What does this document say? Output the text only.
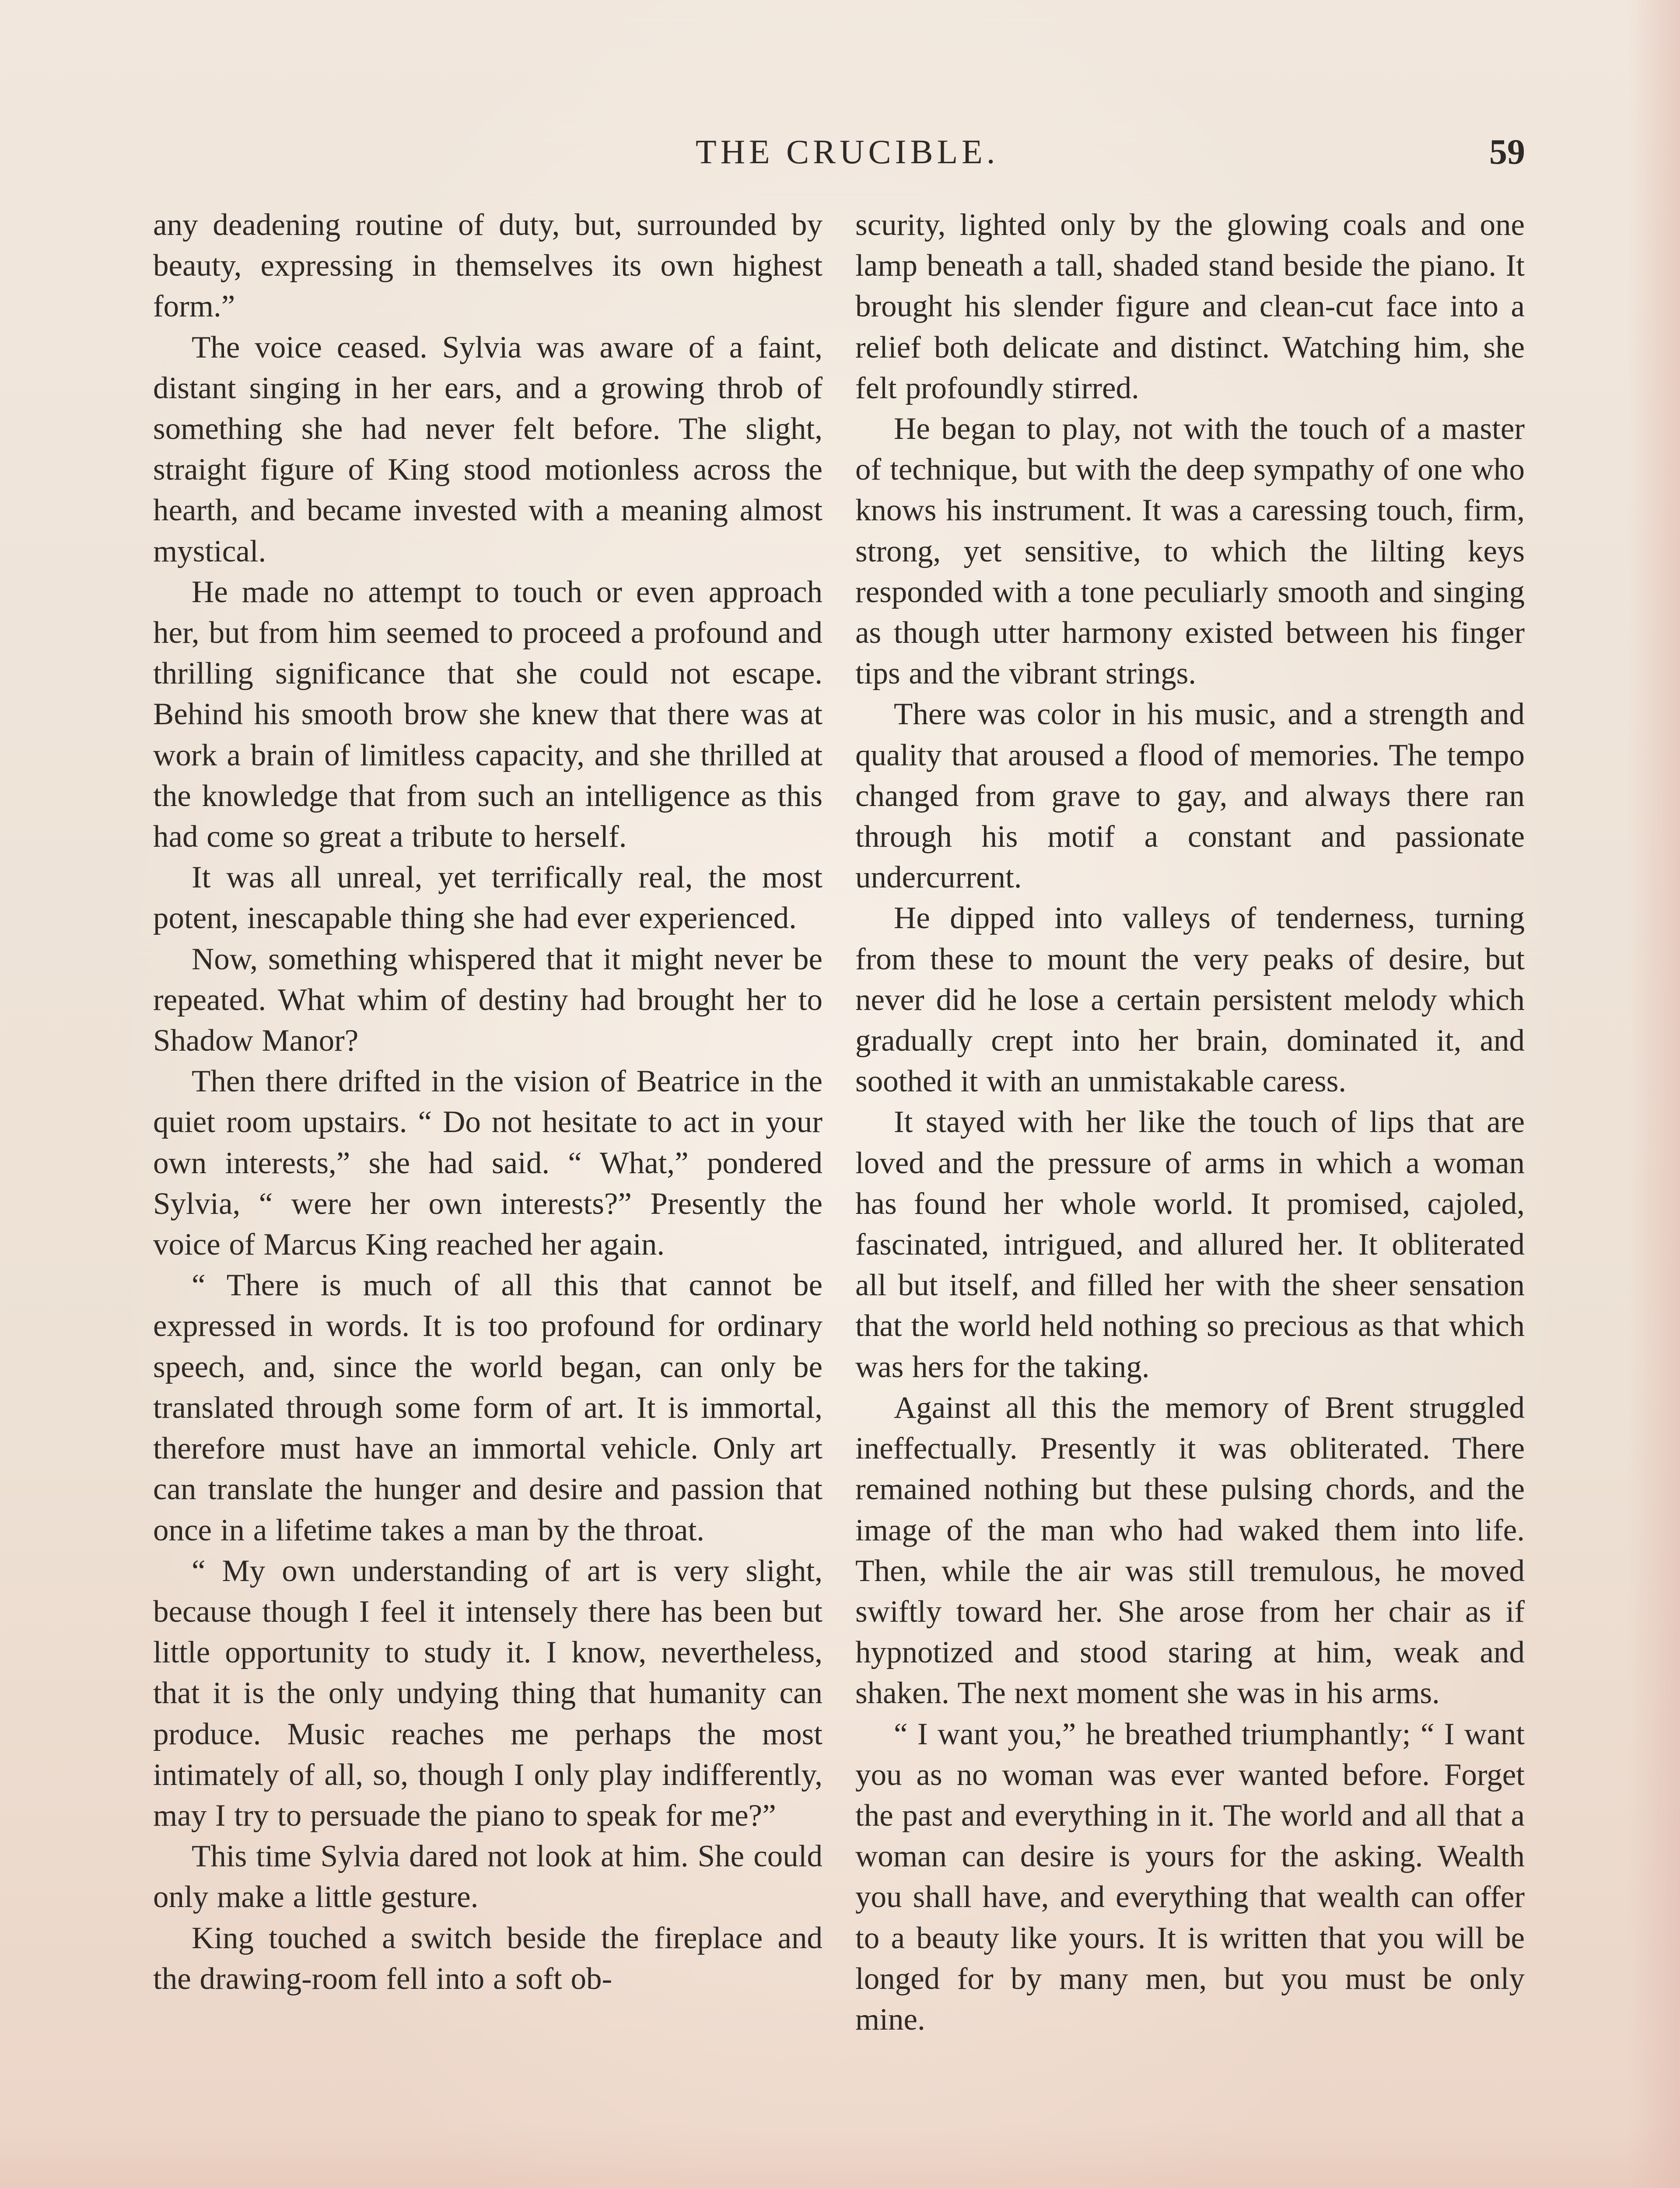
THE CRUCIBLE.	59

any deadening routine of duty, but, surrounded by beauty, expressing in themselves its own highest form.”

The voice ceased. Sylvia was aware of a faint, distant singing in her ears, and a growing throb of something she had never felt before. The slight, straight figure of King stood motionless across the hearth, and became invested with a meaning almost mystical.

He made no attempt to touch or even approach her, but from him seemed to proceed a profound and thrilling significance that she could not escape. Behind his smooth brow she knew that there was at work a brain of limitless capacity, and she thrilled at the knowledge that from such an intelligence as this had come so great a tribute to herself.

It was all unreal, yet terrifically real, the most potent, inescapable thing she had ever experienced.

Now, something whispered that it might never be repeated. What whim of destiny had brought her to Shadow Manor?

Then there drifted in the vision of Beatrice in the quiet room upstairs. “ Do not hesitate to act in your own interests,” she had said. “ What,” pondered Sylvia, “ were her own interests?” Presently the voice of Marcus King reached her again.

“ There is much of all this that cannot be expressed in words. It is too profound for ordinary speech, and, since the world began, can only be translated through some form of art. It is immortal, therefore must have an immortal vehicle. Only art can translate the hunger and desire and passion that once in a lifetime takes a man by the throat.

“ My own understanding of art is very slight, because though I feel it intensely there has been but little opportunity to study it. I know, nevertheless, that it is the only undying thing that humanity can produce. Music reaches me perhaps the most intimately of all, so, though I only play indifferently, may I try to persuade the piano to speak for me?”

This time Sylvia dared not look at him. She could only make a little gesture.

King touched a switch beside the fireplace and the drawing-room fell into a soft ob-

scurity, lighted only by the glowing coals and one lamp beneath a tall, shaded stand beside the piano. It brought his slender figure and clean-cut face into a relief both delicate and distinct. Watching him, she felt profoundly stirred.

He began to play, not with the touch of a master of technique, but with the deep sympathy of one who knows his instrument. It was a caressing touch, firm, strong, yet sensitive, to which the lilting keys responded with a tone peculiarly smooth and singing as though utter harmony existed between his finger tips and the vibrant strings.

There was color in his music, and a strength and quality that aroused a flood of memories. The tempo changed from grave to gay, and always there ran through his motif a constant and passionate undercurrent.

He dipped into valleys of tenderness, turning from these to mount the very peaks of desire, but never did he lose a certain persistent melody which gradually crept into her brain, dominated it, and soothed it with an unmistakable caress.

It stayed with her like the touch of lips that are loved and the pressure of arms in which a woman has found her whole world. It promised, cajoled, fascinated, intrigued, and allured her. It obliterated all but itself, and filled her with the sheer sensation that the world held nothing so precious as that which was hers for the taking.

Against all this the memory of Brent struggled ineffectually. Presently it was obliterated. There remained nothing but these pulsing chords, and the image of the man who had waked them into life. Then, while the air was still tremulous, he moved swiftly toward her. She arose from her chair as if hypnotized and stood staring at him, weak and shaken. The next moment she was in his arms.

“ I want you,” he breathed triumphantly; “ I want you as no woman was ever wanted before. Forget the past and everything in it. The world and all that a woman can desire is yours for the asking. Wealth you shall have, and everything that wealth can offer to a beauty like yours. It is written that you will be longed for by many men, but you must be only mine.
